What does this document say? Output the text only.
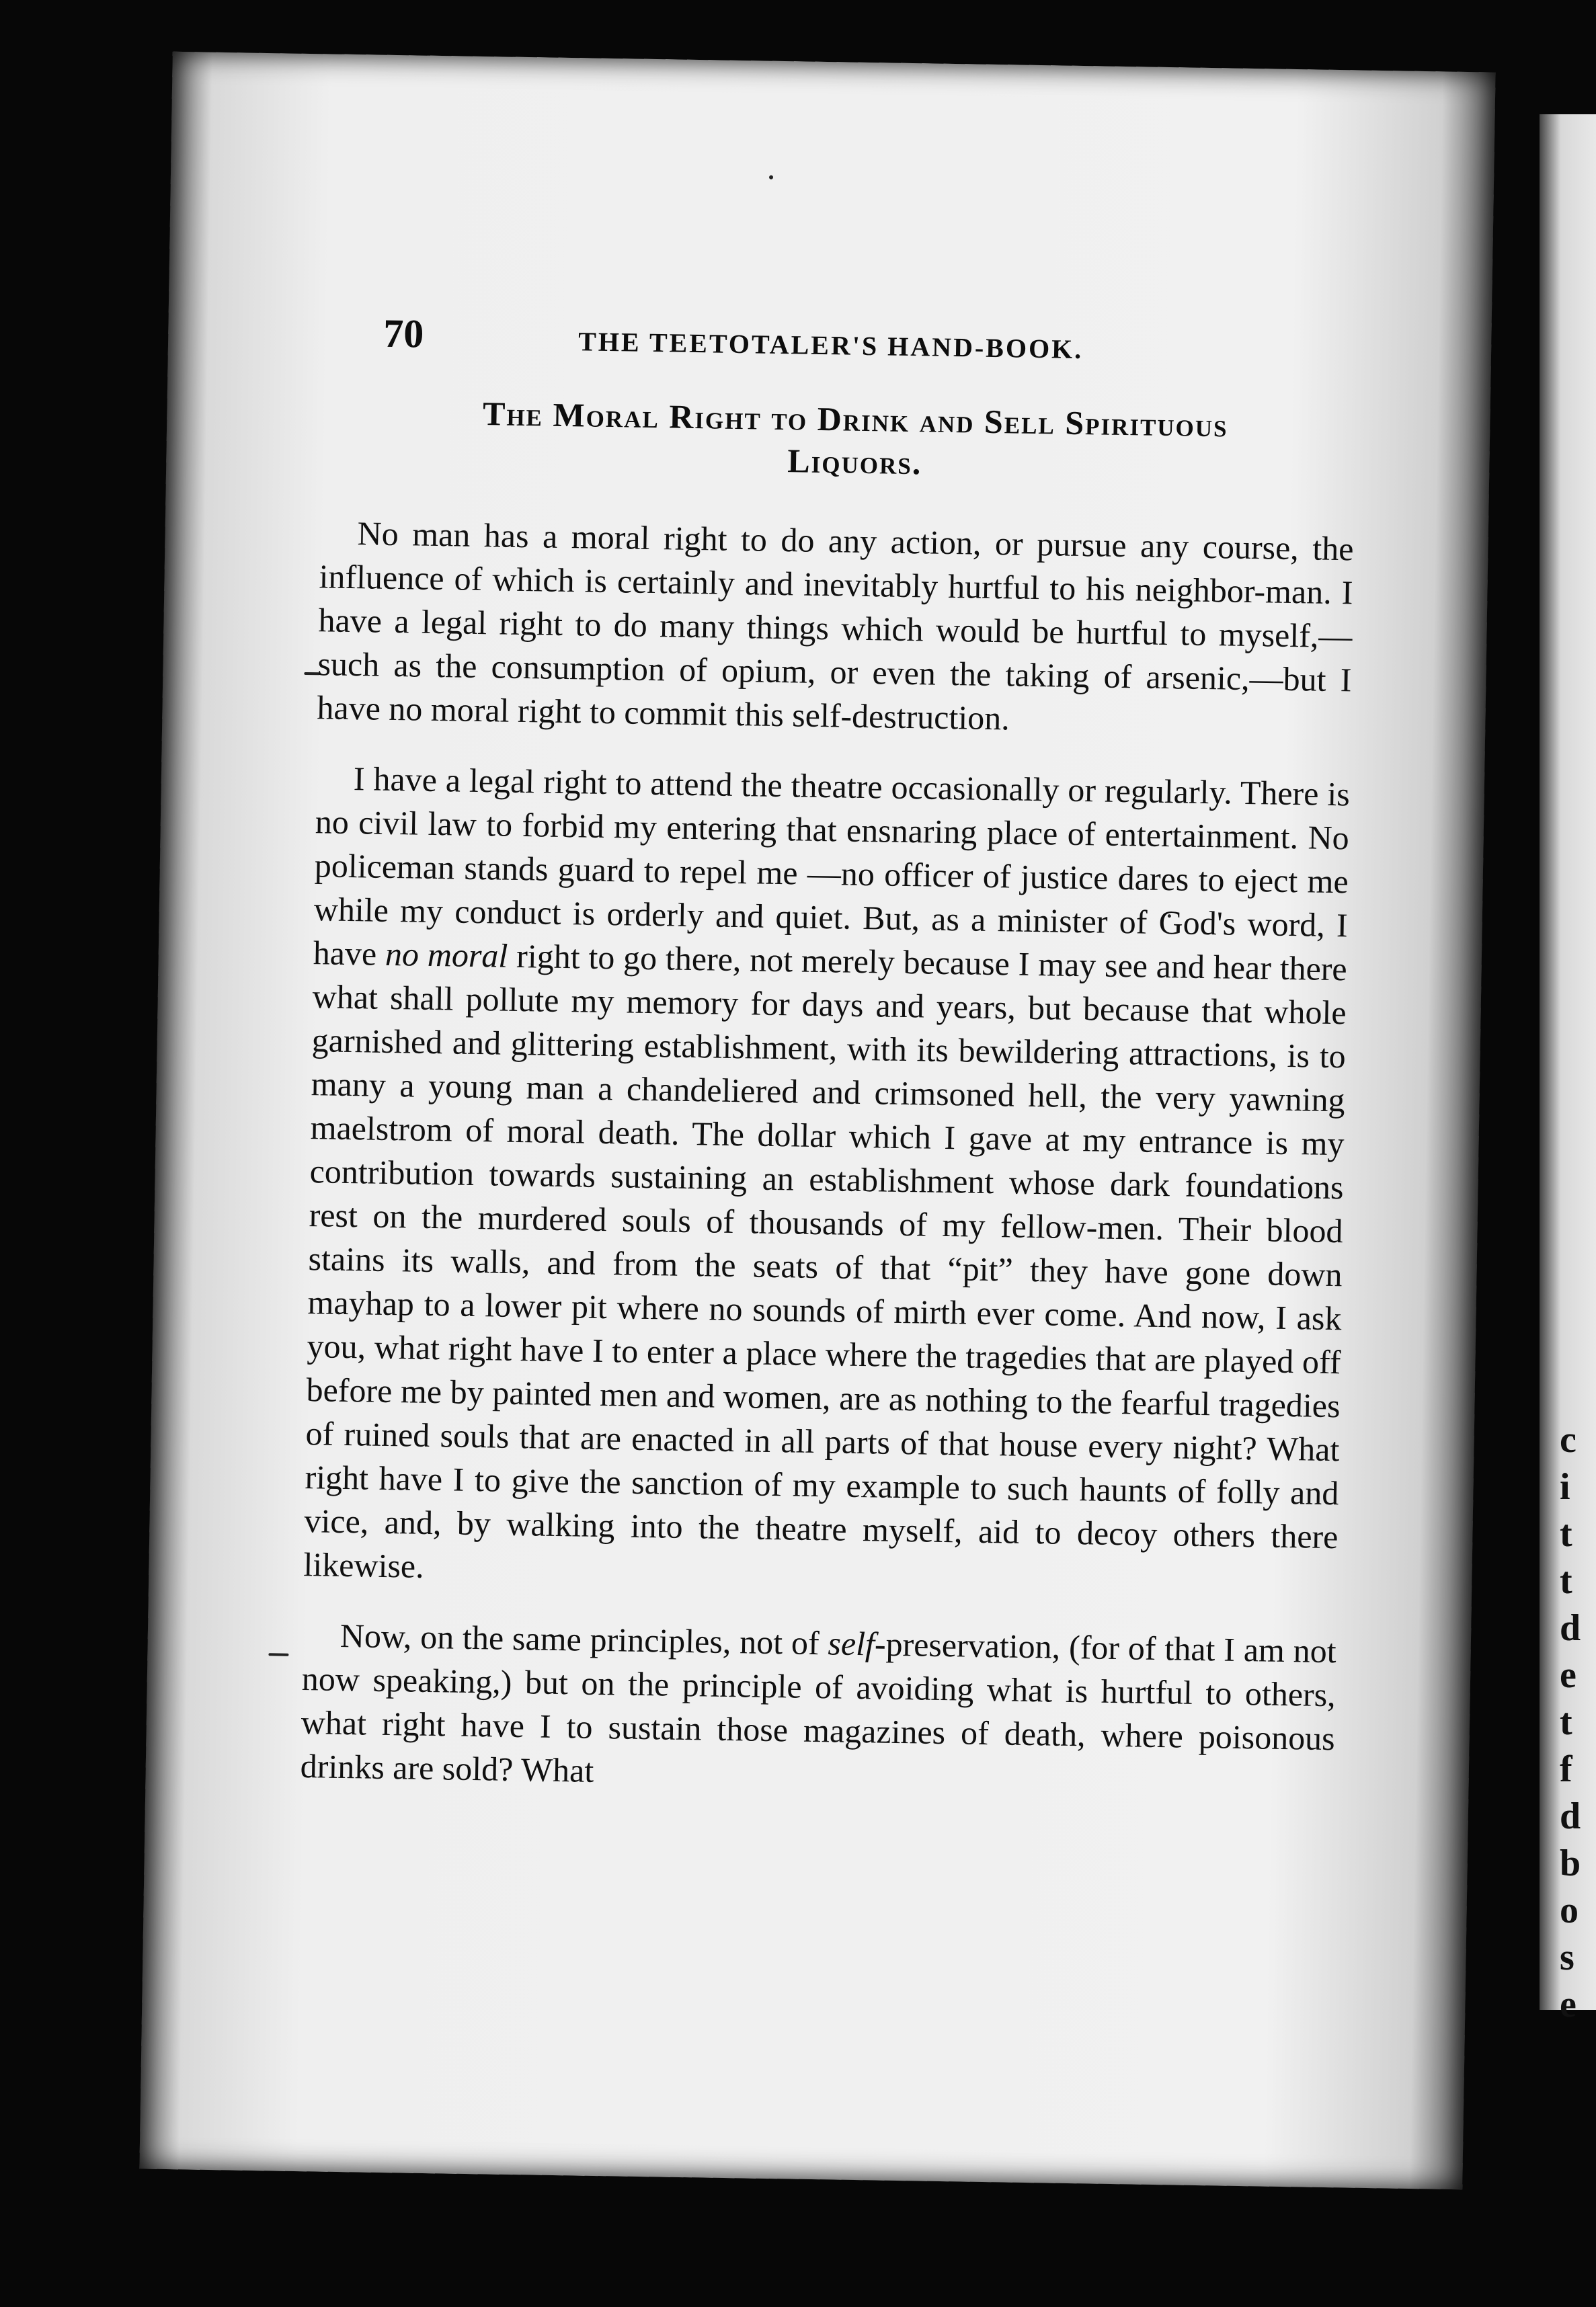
c
i
t
t
d
e
t
f
d
b
o
s
e
70	THE TEETOTALER'S HAND-BOOK.
The Moral Right to Drink and Sell Spirituous
Liquors.

No man has a moral right to do any action, or pursue any course, the influence of which is certainly and inevitably hurtful to his neighbor-man. I have a legal right to do many things which would be hurtful to myself,—such as the consumption of opium, or even the taking of arsenic,—but I have no moral right to commit this self-destruction.

I have a legal right to attend the theatre occasionally or regularly. There is no civil law to forbid my entering that ensnaring place of entertainment. No policeman stands guard to repel me —no officer of justice dares to eject me while my conduct is orderly and quiet. But, as a minister of God's word, I have no moral right to go there, not merely because I may see and hear there what shall pollute my memory for days and years, but because that whole garnished and glittering establishment, with its bewildering attractions, is to many a young man a chandeliered and crimsoned hell, the very yawning maelstrom of moral death. The dollar which I gave at my entrance is my contribution towards sustaining an establishment whose dark foundations rest on the murdered souls of thousands of my fellow-men. Their blood stains its walls, and from the seats of that “pit” they have gone down mayhap to a lower pit where no sounds of mirth ever come. And now, I ask you, what right have I to enter a place where the tragedies that are played off before me by painted men and women, are as nothing to the fearful tragedies of ruined souls that are enacted in all parts of that house every night? What right have I to give the sanction of my example to such haunts of folly and vice, and, by walking into the theatre myself, aid to decoy others there likewise.

Now, on the same principles, not of self-preservation, (for of that I am not now speaking,) but on the principle of avoiding what is hurtful to others, what right have I to sustain those magazines of death, where poisonous drinks are sold? What
